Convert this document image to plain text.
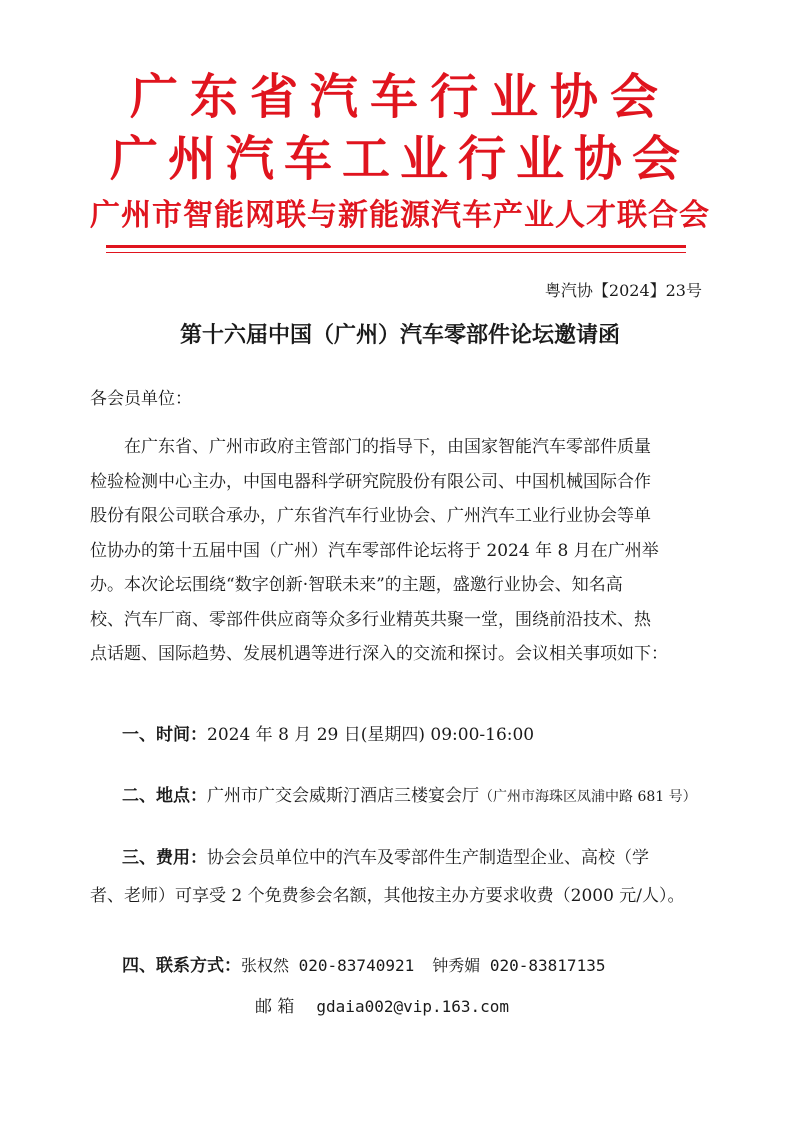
广东省汽车行业协会
广州汽车工业行业协会
广州市智能网联与新能源汽车产业人才联合会
粤汽协【2024】23号
第十六届中国（广州）汽车零部件论坛邀请函
各会员单位：
在广东省、广州市政府主管部门的指导下，由国家智能汽车零部件质量
检验检测中心主办，中国电器科学研究院股份有限公司、中国机械国际合作
股份有限公司联合承办，广东省汽车行业协会、广州汽车工业行业协会等单
位协办的第十五届中国（广州）汽车零部件论坛将于 2024 年 8 月在广州举
办。本次论坛围绕“数字创新·智联未来”的主题，盛邀行业协会、知名高
校、汽车厂商、零部件供应商等众多行业精英共聚一堂，围绕前沿技术、热
点话题、国际趋势、发展机遇等进行深入的交流和探讨。会议相关事项如下：
一、时间：2024 年 8 月 29 日(星期四) 09:00-16:00
二、地点：广州市广交会威斯汀酒店三楼宴会厅（广州市海珠区凤浦中路 681 号）
三、费用：协会会员单位中的汽车及零部件生产制造型企业、高校（学
者、老师）可享受 2 个免费参会名额，其他按主办方要求收费（2000 元/人）。
四、联系方式：张权然 020-83740921 钟秀媚 020-83817135
邮 箱 gdaia002@vip.163.com
